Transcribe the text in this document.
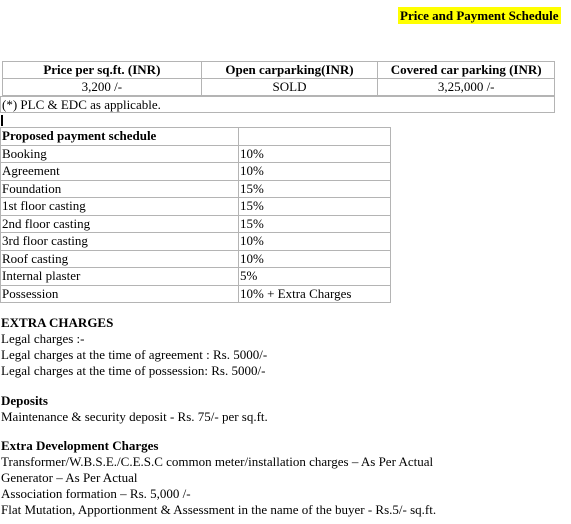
Price and Payment Schedule
Price per sq.ft. (INR)	Open carparking(INR)	Covered car parking (INR)
3,200 /-	SOLD	3,25,000 /-
(*) PLC & EDC as applicable.
Proposed payment schedule	
Booking	10%
Agreement	10%
Foundation	15%
1st floor casting	15%
2nd floor casting	15%
3rd floor casting	10%
Roof casting	10%
Internal plaster	5%
Possession	10% + Extra Charges
EXTRA CHARGES
Legal charges :-
Legal charges at the time of agreement : Rs. 5000/-
Legal charges at the time of possession: Rs. 5000/-
Deposits
Maintenance & security deposit - Rs. 75/- per sq.ft.
Extra Development Charges
Transformer/W.B.S.E./C.E.S.C common meter/installation charges – As Per Actual
Generator – As Per Actual
Association formation – Rs. 5,000 /-
Flat Mutation, Apportionment & Assessment in the name of the buyer - Rs.5/- sq.ft.
